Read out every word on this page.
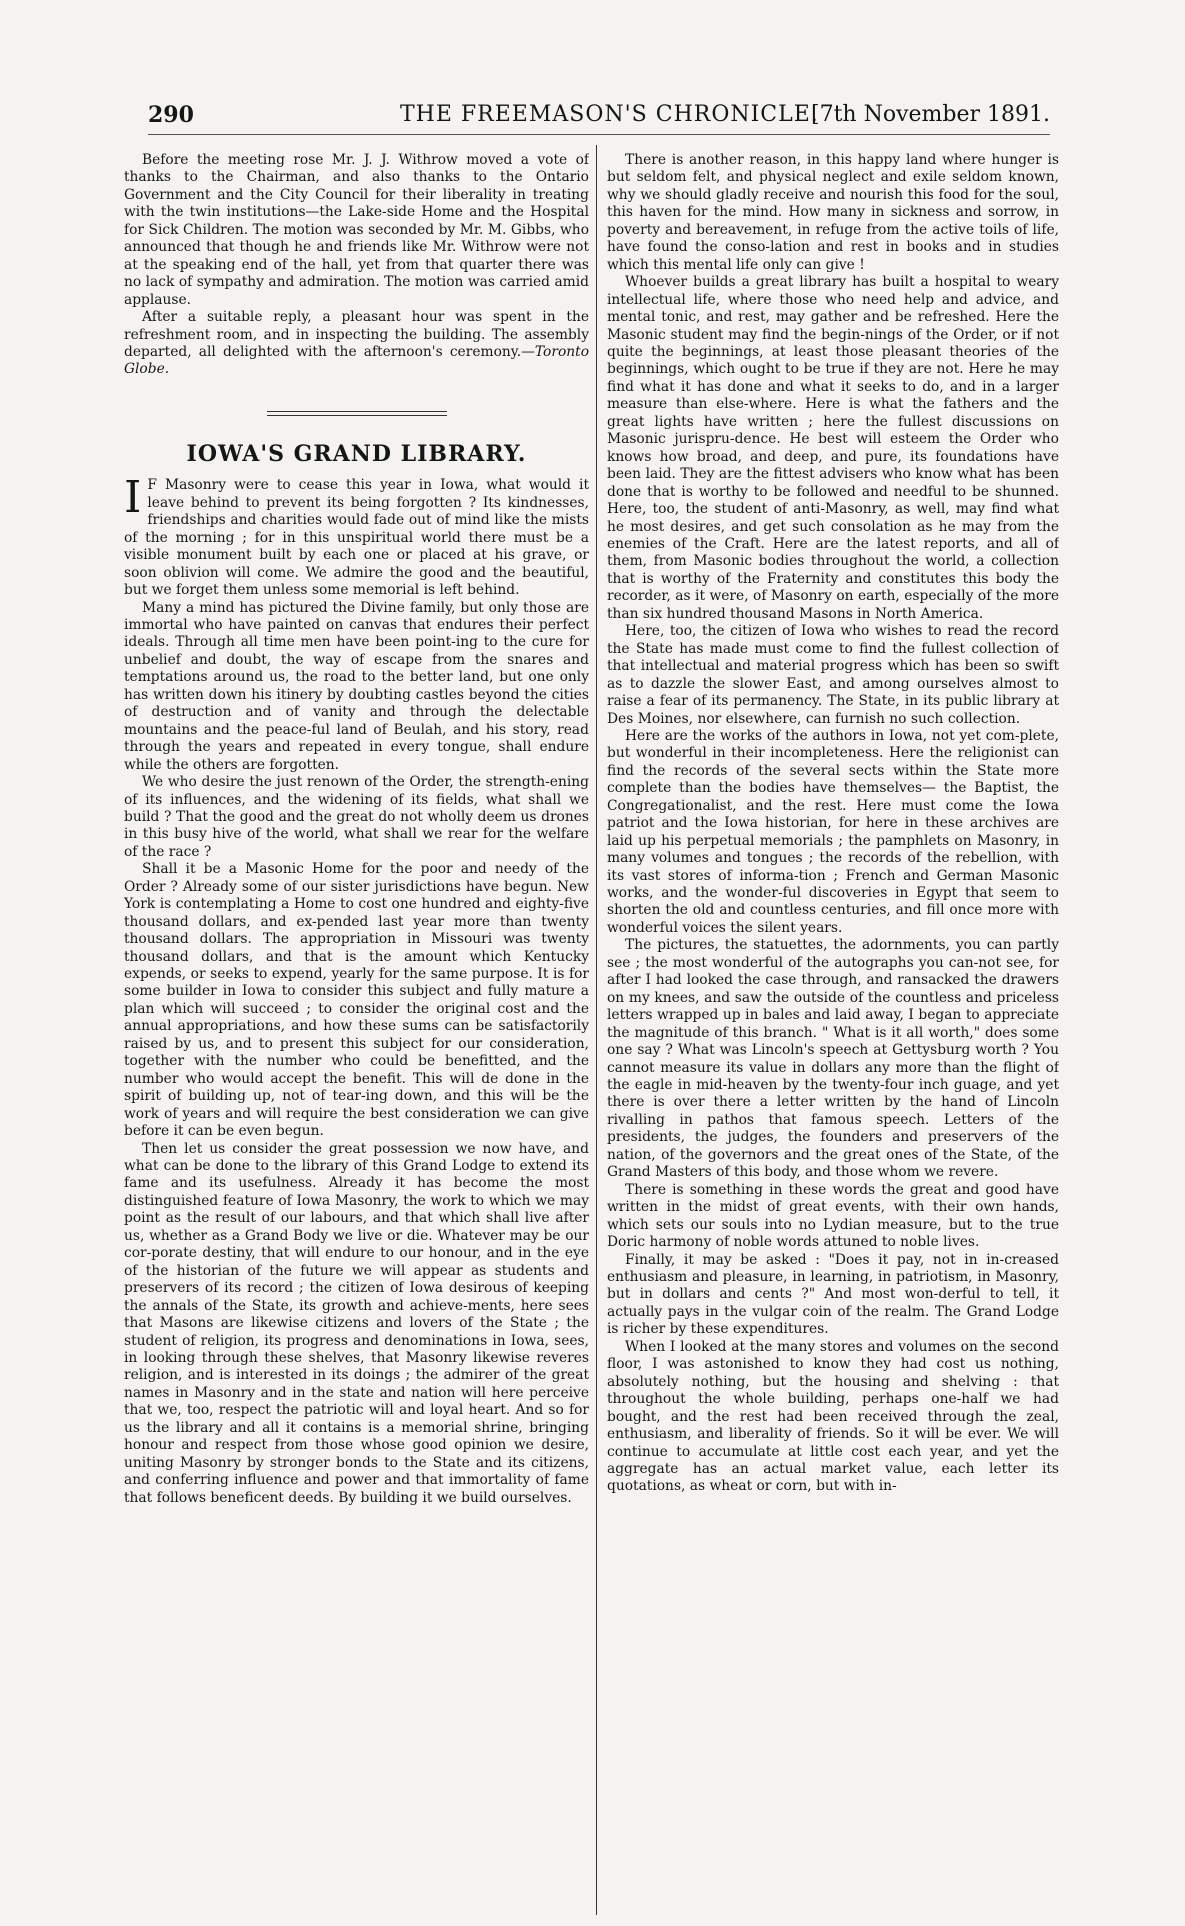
290	THE FREEMASON'S CHRONICLE.
[7th November 1891.

Before the meeting rose Mr. J. J. Withrow moved a vote of thanks to the Chairman, and also thanks to the Ontario Government and the City Council for their liberality in treating with the twin institutions—the Lake-side Home and the Hospital for Sick Children. The motion was seconded by Mr. M. Gibbs, who announced that though he and friends like Mr. Withrow were not at the speaking end of the hall, yet from that quarter there was no lack of sympathy and admiration. The motion was carried amid applause.

After a suitable reply, a pleasant hour was spent in the refreshment room, and in inspecting the building. The assembly departed, all delighted with the afternoon's ceremony.—Toronto Globe.

IOWA'S GRAND LIBRARY.

I F Masonry were to cease this year in Iowa, what would it leave behind to prevent its being forgotten ? Its kindnesses, friendships and charities would fade out of mind like the mists of the morning ; for in this unspiritual world there must be a visible monument built by each one or placed at his grave, or soon oblivion will come. We admire the good and the beautiful, but we forget them unless some memorial is left behind.

Many a mind has pictured the Divine family, but only those are immortal who have painted on canvas that endures their perfect ideals. Through all time men have been point-ing to the cure for unbelief and doubt, the way of escape from the snares and temptations around us, the road to the better land, but one only has written down his itinery by doubting castles beyond the cities of destruction and of vanity and through the delectable mountains and the peace-ful land of Beulah, and his story, read through the years and repeated in every tongue, shall endure while the others are forgotten.

We who desire the just renown of the Order, the strength-ening of its influences, and the widening of its fields, what shall we build ? That the good and the great do not wholly deem us drones in this busy hive of the world, what shall we rear for the welfare of the race ?

Shall it be a Masonic Home for the poor and needy of the Order ? Already some of our sister jurisdictions have begun. New York is contemplating a Home to cost one hundred and eighty-five thousand dollars, and ex-pended last year more than twenty thousand dollars. The appropriation in Missouri was twenty thousand dollars, and that is the amount which Kentucky expends, or seeks to expend, yearly for the same purpose. It is for some builder in Iowa to consider this subject and fully mature a plan which will succeed ; to consider the original cost and the annual appropriations, and how these sums can be satisfactorily raised by us, and to present this subject for our consideration, together with the number who could be benefitted, and the number who would accept the benefit. This will de done in the spirit of building up, not of tear-ing down, and this will be the work of years and will require the best consideration we can give before it can be even begun.

Then let us consider the great possession we now have, and what can be done to the library of this Grand Lodge to extend its fame and its usefulness. Already it has become the most distinguished feature of Iowa Masonry, the work to which we may point as the result of our labours, and that which shall live after us, whether as a Grand Body we live or die. Whatever may be our cor-porate destiny, that will endure to our honour, and in the eye of the historian of the future we will appear as students and preservers of its record ; the citizen of Iowa desirous of keeping the annals of the State, its growth and achieve-ments, here sees that Masons are likewise citizens and lovers of the State ; the student of religion, its progress and denominations in Iowa, sees, in looking through these shelves, that Masonry likewise reveres religion, and is interested in its doings ; the admirer of the great names in Masonry and in the state and nation will here perceive that we, too, respect the patriotic will and loyal heart. And so for us the library and all it contains is a memorial shrine, bringing honour and respect from those whose good opinion we desire, uniting Masonry by stronger bonds to the State and its citizens, and conferring influence and power and that immortality of fame that follows beneficent deeds. By building it we build ourselves.

There is another reason, in this happy land where hunger is but seldom felt, and physical neglect and exile seldom known, why we should gladly receive and nourish this food for the soul, this haven for the mind. How many in sickness and sorrow, in poverty and bereavement, in refuge from the active toils of life, have found the conso-lation and rest in books and in studies which this mental life only can give !

Whoever builds a great library has built a hospital to weary intellectual life, where those who need help and advice, and mental tonic, and rest, may gather and be refreshed. Here the Masonic student may find the begin-nings of the Order, or if not quite the beginnings, at least those pleasant theories of the beginnings, which ought to be true if they are not. Here he may find what it has done and what it seeks to do, and in a larger measure than else-where. Here is what the fathers and the great lights have written ; here the fullest discussions on Masonic jurispru-dence. He best will esteem the Order who knows how broad, and deep, and pure, its foundations have been laid. They are the fittest advisers who know what has been done that is worthy to be followed and needful to be shunned. Here, too, the student of anti-Masonry, as well, may find what he most desires, and get such consolation as he may from the enemies of the Craft. Here are the latest reports, and all of them, from Masonic bodies throughout the world, a collection that is worthy of the Fraternity and constitutes this body the recorder, as it were, of Masonry on earth, especially of the more than six hundred thousand Masons in North America.

Here, too, the citizen of Iowa who wishes to read the record the State has made must come to find the fullest collection of that intellectual and material progress which has been so swift as to dazzle the slower East, and among ourselves almost to raise a fear of its permanency. The State, in its public library at Des Moines, nor elsewhere, can furnish no such collection.

Here are the works of the authors in Iowa, not yet com-plete, but wonderful in their incompleteness. Here the religionist can find the records of the several sects within the State more complete than the bodies have themselves— the Baptist, the Congregationalist, and the rest. Here must come the Iowa patriot and the Iowa historian, for here in these archives are laid up his perpetual memorials ; the pamphlets on Masonry, in many volumes and tongues ; the records of the rebellion, with its vast stores of informa-tion ; French and German Masonic works, and the wonder-ful discoveries in Egypt that seem to shorten the old and countless centuries, and fill once more with wonderful voices the silent years.

The pictures, the statuettes, the adornments, you can partly see ; the most wonderful of the autographs you can-not see, for after I had looked the case through, and ransacked the drawers on my knees, and saw the outside of the countless and priceless letters wrapped up in bales and laid away, I began to appreciate the magnitude of this branch. " What is it all worth," does some one say ? What was Lincoln's speech at Gettysburg worth ? You cannot measure its value in dollars any more than the flight of the eagle in mid-heaven by the twenty-four inch guage, and yet there is over there a letter written by the hand of Lincoln rivalling in pathos that famous speech. Letters of the presidents, the judges, the founders and preservers of the nation, of the governors and the great ones of the State, of the Grand Masters of this body, and those whom we revere.

There is something in these words the great and good have written in the midst of great events, with their own hands, which sets our souls into no Lydian measure, but to the true Doric harmony of noble words attuned to noble lives.

Finally, it may be asked : "Does it pay, not in in-creased enthusiasm and pleasure, in learning, in patriotism, in Masonry, but in dollars and cents ?" And most won-derful to tell, it actually pays in the vulgar coin of the realm. The Grand Lodge is richer by these expenditures.

When I looked at the many stores and volumes on the second floor, I was astonished to know they had cost us nothing, absolutely nothing, but the housing and shelving : that throughout the whole building, perhaps one-half we had bought, and the rest had been received through the zeal, enthusiasm, and liberality of friends. So it will be ever. We will continue to accumulate at little cost each year, and yet the aggregate has an actual market value, each letter its quotations, as wheat or corn, but with in-
